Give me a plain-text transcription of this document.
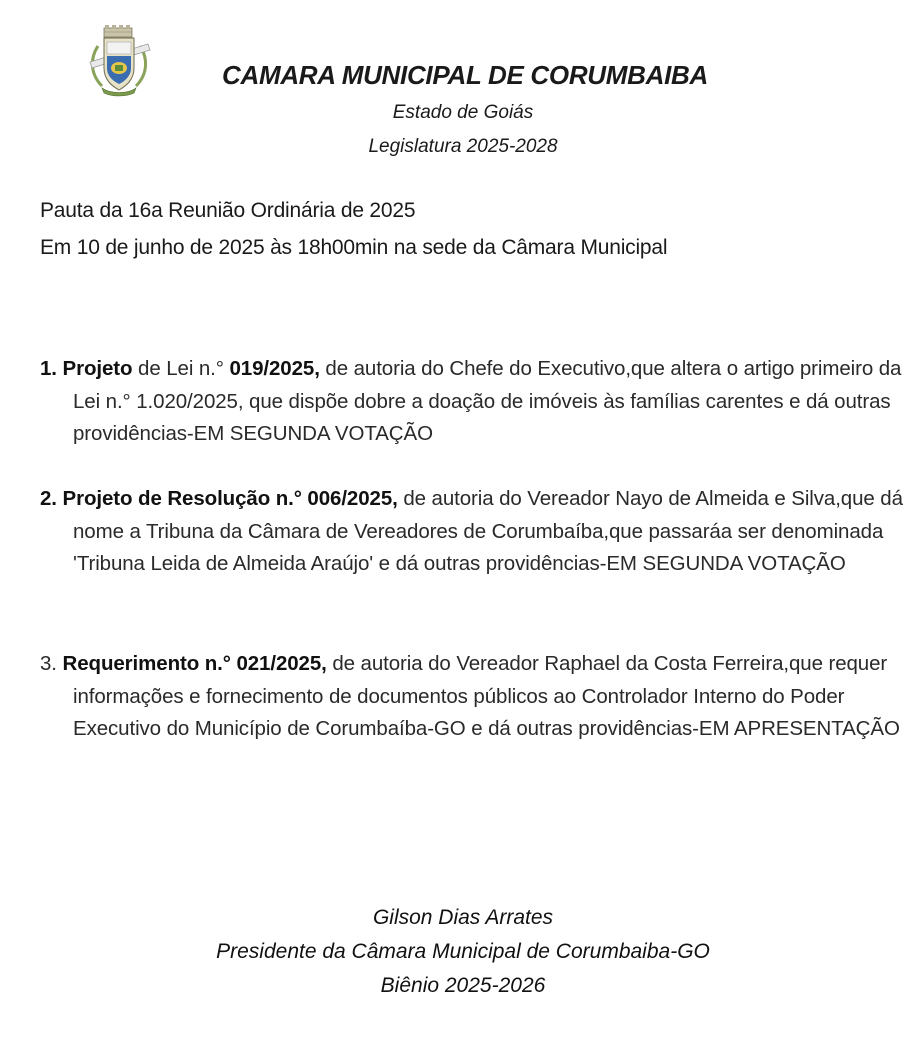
CAMARA MUNICIPAL DE CORUMBAIBA
Estado de Goiás
Legislatura 2025-2028
Pauta da 16a Reunião Ordinária de 2025
Em 10 de junho de 2025 às 18h00min na sede da Câmara Municipal
1. Projeto de Lei n.° 019/2025, de autoria do Chefe do Executivo,que altera o artigo primeiro da Lei n.° 1.020/2025, que dispõe dobre a doação de imóveis às famílias carentes e dá outras providências-EM SEGUNDA VOTAÇÃO
2. Projeto de Resolução n.° 006/2025, de autoria do Vereador Nayo de Almeida e Silva,que dá nome a Tribuna da Câmara de Vereadores de Corumbaíba,que passaráa ser denominada 'Tribuna Leida de Almeida Araújo' e dá outras providências-EM SEGUNDA VOTAÇÃO
3. Requerimento n.° 021/2025, de autoria do Vereador Raphael da Costa Ferreira,que requer informações e fornecimento de documentos públicos ao Controlador Interno do Poder Executivo do Município de Corumbaíba-GO e dá outras providências-EM APRESENTAÇÃO
Gilson Dias Arrates
Presidente da Câmara Municipal de Corumbaiba-GO
Biênio 2025-2026
